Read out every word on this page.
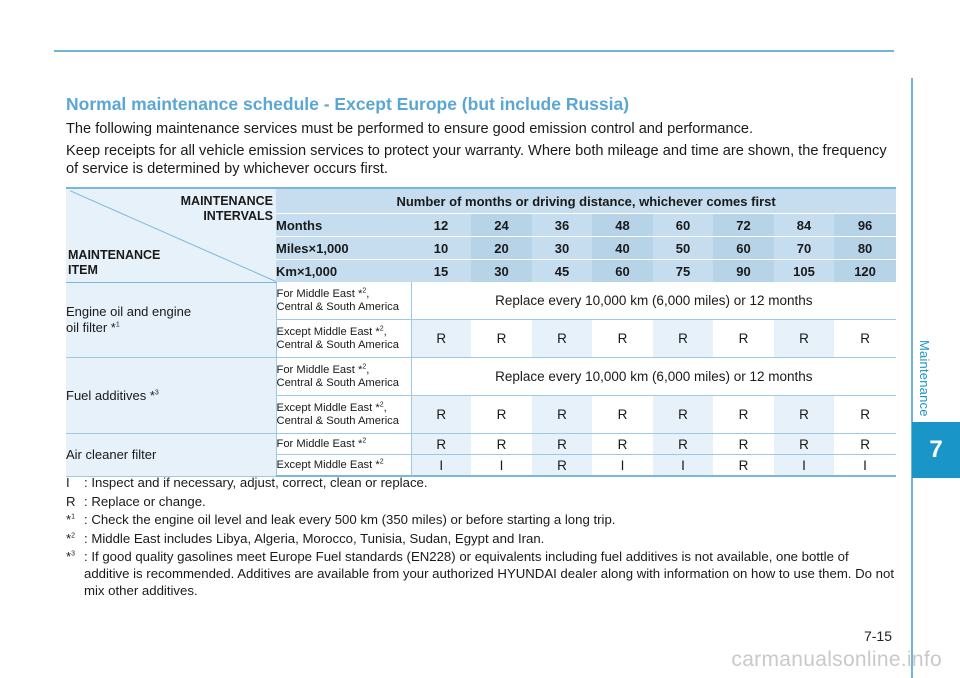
Maintenance
7
Normal maintenance schedule - Except Europe (but include Russia)

The following maintenance services must be performed to ensure good emission control and performance.

Keep receipts for all vehicle emission services to protect your warranty. Where both mileage and time are shown, the frequency of service is determined by whichever occurs first.

MAINTENANCE
INTERVALS
MAINTENANCE
ITEM	Number of months or driving distance, whichever comes first								
	Months	12	24	36	48	60	72	84	96
	Miles×1,000	10	20	30	40	50	60	70	80
	Km×1,000	15	30	45	60	75	90	105	120
Engine oil and engine
oil filter *$^1$	For Middle East *$^2$,
Central & South America	Replace every 10,000 km (6,000 miles) or 12 months							
	Except Middle East *$^2$,
Central & South America	R	R	R	R	R	R	R	R
Fuel additives *$^3$	For Middle East *$^2$,
Central & South America	Replace every 10,000 km (6,000 miles) or 12 months							
	Except Middle East *$^2$,
Central & South America	R	R	R	R	R	R	R	R
Air cleaner filter	For Middle East *$^2$	R	R	R	R	R	R	R	R
	Except Middle East *$^2$	I	I	R	I	I	R	I	I

I : Inspect and if necessary, adjust, correct, clean or replace.

R : Replace or change.

*$^1$ : Check the engine oil level and leak every 500 km (350 miles) or before starting a long trip.

*$^2$ : Middle East includes Libya, Algeria, Morocco, Tunisia, Sudan, Egypt and Iran.

*$^3$ : If good quality gasolines meet Europe Fuel standards (EN228) or equivalents including fuel additives is not available, one bottle of additive is recommended. Additives are available from your authorized HYUNDAI dealer along with information on how to use them. Do not mix other additives.

7-15
carmanualsonline.info
